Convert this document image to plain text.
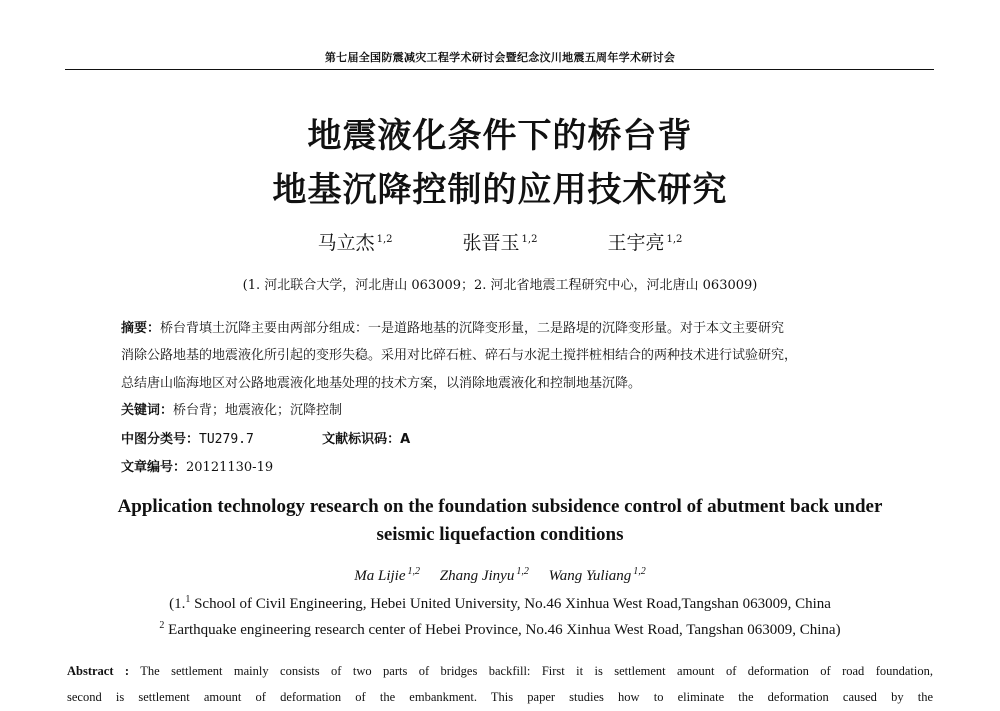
第七届全国防震减灾工程学术研讨会暨纪念汶川地震五周年学术研讨会
地震液化条件下的桥台背
地基沉降控制的应用技术研究
马立杰 $^{1,2}$	张晋玉 $^{1,2}$	王宇亮 $^{1,2}$
(1. 河北联合大学，河北唐山 063009；2. 河北省地震工程研究中心，河北唐山 063009)
摘要：桥台背填土沉降主要由两部分组成：一是道路地基的沉降变形量，二是路堤的沉降变形量。对于本文主要研究
消除公路地基的地震液化所引起的变形失稳。采用对比碎石桩、碎石与水泥土搅拌桩相结合的两种技术进行试验研究，
总结唐山临海地区对公路地震液化地基处理的技术方案，以消除地震液化和控制地基沉降。
关键词：桥台背；地震液化；沉降控制
中图分类号：TU279.7	文献标识码：A
文章编号：20121130-19
Application technology research on the foundation subsidence control of abutment back under
seismic liquefaction conditions
Ma Lijie $^{1,2}$ Zhang Jinyu $^{1,2}$ Wang Yuliang $^{1,2}$
(1.$^1$ School of Civil Engineering, Hebei United University, No.46 Xinhua West Road,Tangshan 063009, China
$^2$ Earthquake engineering research center of Hebei Province, No.46 Xinhua West Road, Tangshan 063009, China)
Abstract : The settlement mainly consists of two parts of bridges backfill: First it is settlement amount of deformation of road foundation,
second is settlement amount of deformation of the embankment. This paper studies how to eliminate the deformation caused by the
